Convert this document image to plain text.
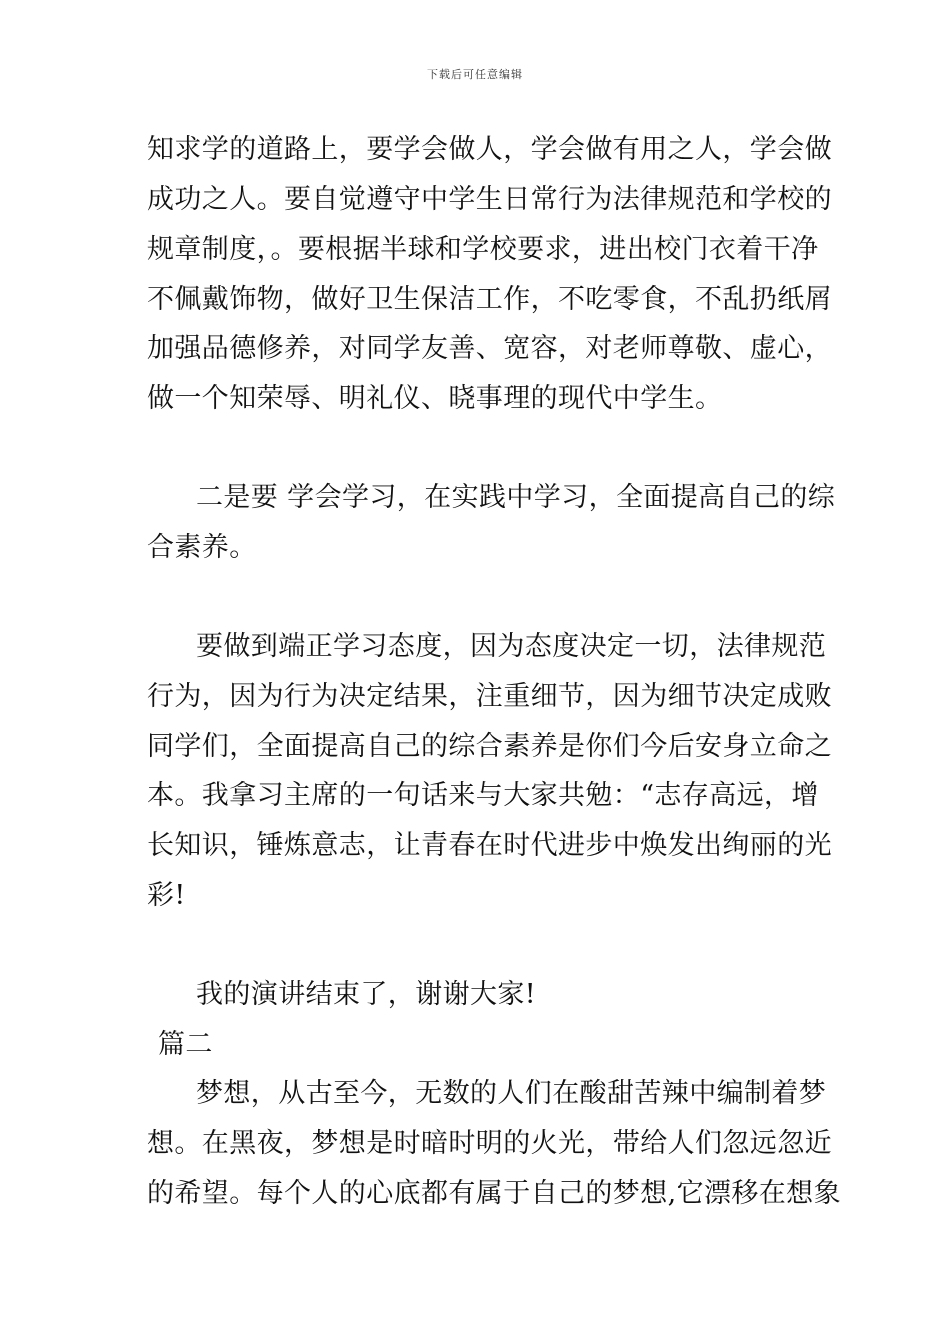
下载后可任意编辑
知求学的道路上，要学会做人，学会做有用之人，学会做
成功之人。要自觉遵守中学生日常行为法律规范和学校的
规章制度，。要根据半球和学校要求，进出校门衣着干净
不佩戴饰物，做好卫生保洁工作，不吃零食，不乱扔纸屑
加强品德修养，对同学友善、宽容，对老师尊敬、虚心，
做一个知荣辱、明礼仪、晓事理的现代中学生。
二是要 学会学习，在实践中学习，全面提高自己的综
合素养。
要做到端正学习态度，因为态度决定一切，法律规范
行为，因为行为决定结果，注重细节，因为细节决定成败
同学们，全面提高自己的综合素养是你们今后安身立命之
本。我拿习主席的一句话来与大家共勉：“志存高远，增
长知识，锤炼意志，让青春在时代进步中焕发出绚丽的光
彩!
我的演讲结束了，谢谢大家!
篇二
梦想，从古至今，无数的人们在酸甜苦辣中编制着梦
想。在黑夜，梦想是时暗时明的火光，带给人们忽远忽近
的希望。每个人的心底都有属于自己的梦想,它漂移在想象
